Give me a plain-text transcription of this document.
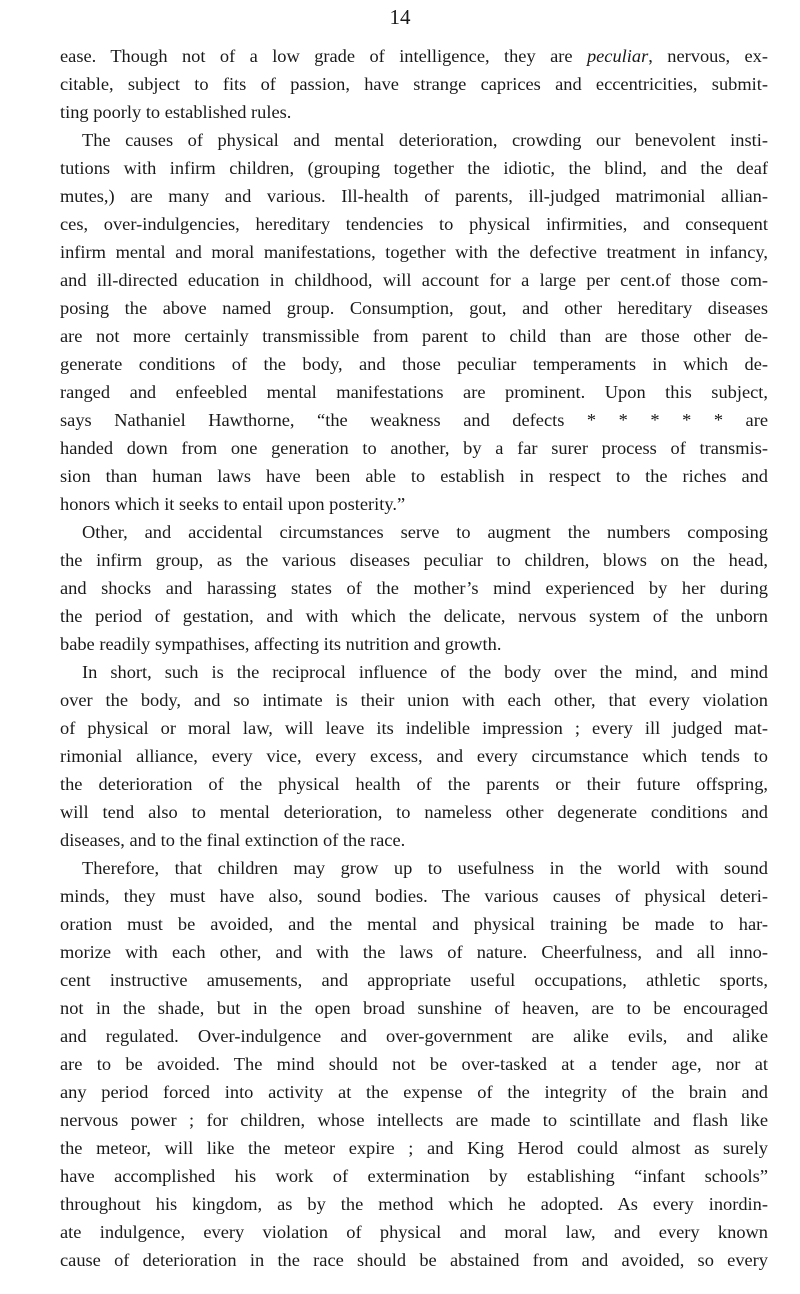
14
ease. Though not of a low grade of intelligence, they are peculiar, nervous, ex-
citable, subject to fits of passion, have strange caprices and eccentricities, submit-
ting poorly to established rules.
The causes of physical and mental deterioration, crowding our benevolent insti-
tutions with infirm children, (grouping together the idiotic, the blind, and the deaf
mutes,) are many and various. Ill-health of parents, ill-judged matrimonial allian-
ces, over-indulgencies, hereditary tendencies to physical infirmities, and consequent
infirm mental and moral manifestations, together with the defective treatment in infancy,
and ill-directed education in childhood, will account for a large per cent.of those com-
posing the above named group. Consumption, gout, and other hereditary diseases
are not more certainly transmissible from parent to child than are those other de-
generate conditions of the body, and those peculiar temperaments in which de-
ranged and enfeebled mental manifestations are prominent. Upon this subject,
says Nathaniel Hawthorne, “the weakness and defects * * * * * are
handed down from one generation to another, by a far surer process of transmis-
sion than human laws have been able to establish in respect to the riches and
honors which it seeks to entail upon posterity.”
Other, and accidental circumstances serve to augment the numbers composing
the infirm group, as the various diseases peculiar to children, blows on the head,
and shocks and harassing states of the mother’s mind experienced by her during
the period of gestation, and with which the delicate, nervous system of the unborn
babe readily sympathises, affecting its nutrition and growth.
In short, such is the reciprocal influence of the body over the mind, and mind
over the body, and so intimate is their union with each other, that every violation
of physical or moral law, will leave its indelible impression ; every ill judged mat-
rimonial alliance, every vice, every excess, and every circumstance which tends to
the deterioration of the physical health of the parents or their future offspring,
will tend also to mental deterioration, to nameless other degenerate conditions and
diseases, and to the final extinction of the race.
Therefore, that children may grow up to usefulness in the world with sound
minds, they must have also, sound bodies. The various causes of physical deteri-
oration must be avoided, and the mental and physical training be made to har-
morize with each other, and with the laws of nature. Cheerfulness, and all inno-
cent instructive amusements, and appropriate useful occupations, athletic sports,
not in the shade, but in the open broad sunshine of heaven, are to be encouraged
and regulated. Over-indulgence and over-government are alike evils, and alike
are to be avoided. The mind should not be over-tasked at a tender age, nor at
any period forced into activity at the expense of the integrity of the brain and
nervous power ; for children, whose intellects are made to scintillate and flash like
the meteor, will like the meteor expire ; and King Herod could almost as surely
have accomplished his work of extermination by establishing “infant schools”
throughout his kingdom, as by the method which he adopted. As every inordin-
ate indulgence, every violation of physical and moral law, and every known
cause of deterioration in the race should be abstained from and avoided, so every
